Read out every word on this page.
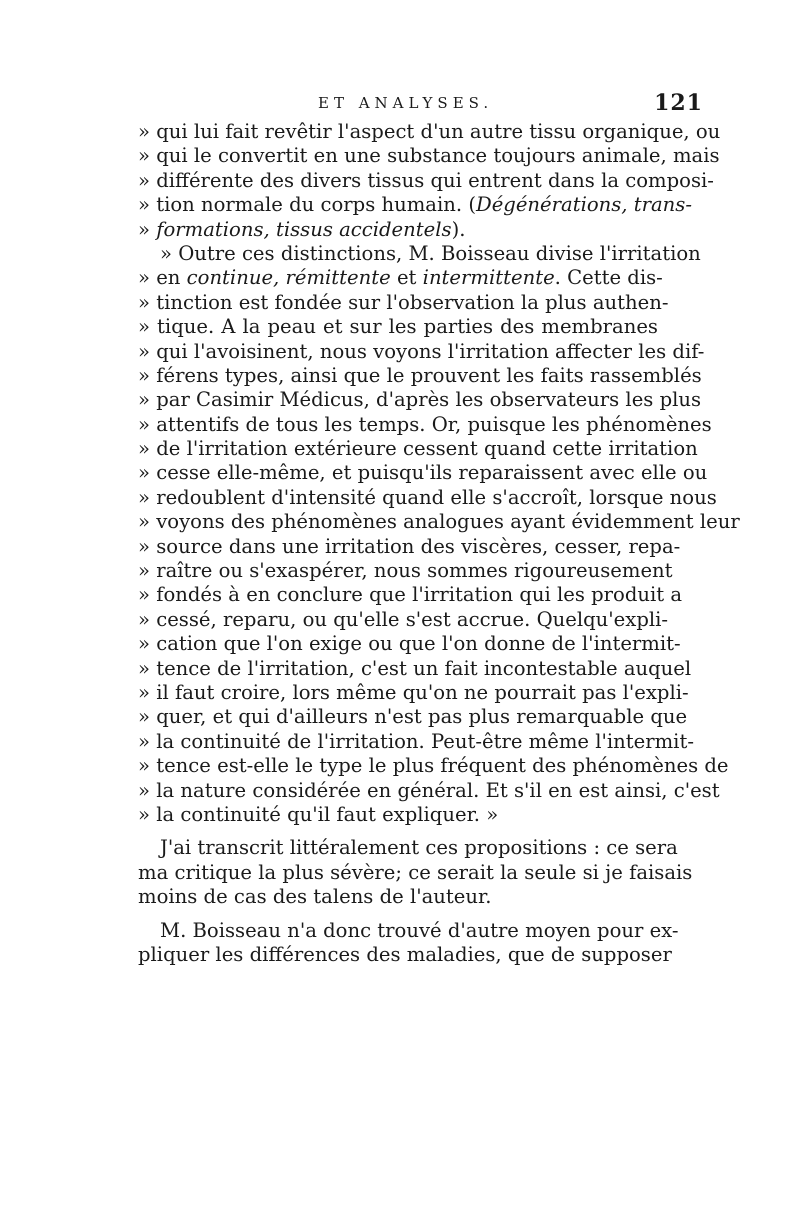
ET ANALYSES.	121
» qui lui fait revêtir l'aspect d'un autre tissu organique, ou
» qui le convertit en une substance toujours animale, mais
» différente des divers tissus qui entrent dans la composi-
» tion normale du corps humain. (Dégénérations, trans-
» formations, tissus accidentels).
» Outre ces distinctions, M. Boisseau divise l'irritation
» en continue, rémittente et intermittente. Cette dis-
» tinction est fondée sur l'observation la plus authen-
» tique. A la peau et sur les parties des membranes
» qui l'avoisinent, nous voyons l'irritation affecter les dif-
» férens types, ainsi que le prouvent les faits rassemblés
» par Casimir Médicus, d'après les observateurs les plus
» attentifs de tous les temps. Or, puisque les phénomènes
» de l'irritation extérieure cessent quand cette irritation
» cesse elle-même, et puisqu'ils reparaissent avec elle ou
» redoublent d'intensité quand elle s'accroît, lorsque nous
» voyons des phénomènes analogues ayant évidemment leur
» source dans une irritation des viscères, cesser, repa-
» raître ou s'exaspérer, nous sommes rigoureusement
» fondés à en conclure que l'irritation qui les produit a
» cessé, reparu, ou qu'elle s'est accrue. Quelqu'expli-
» cation que l'on exige ou que l'on donne de l'intermit-
» tence de l'irritation, c'est un fait incontestable auquel
» il faut croire, lors même qu'on ne pourrait pas l'expli-
» quer, et qui d'ailleurs n'est pas plus remarquable que
» la continuité de l'irritation. Peut-être même l'intermit-
» tence est-elle le type le plus fréquent des phénomènes de
» la nature considérée en général. Et s'il en est ainsi, c'est
» la continuité qu'il faut expliquer. »
J'ai transcrit littéralement ces propositions : ce sera
ma critique la plus sévère; ce serait la seule si je faisais
moins de cas des talens de l'auteur.
M. Boisseau n'a donc trouvé d'autre moyen pour ex-
pliquer les différences des maladies, que de supposer
